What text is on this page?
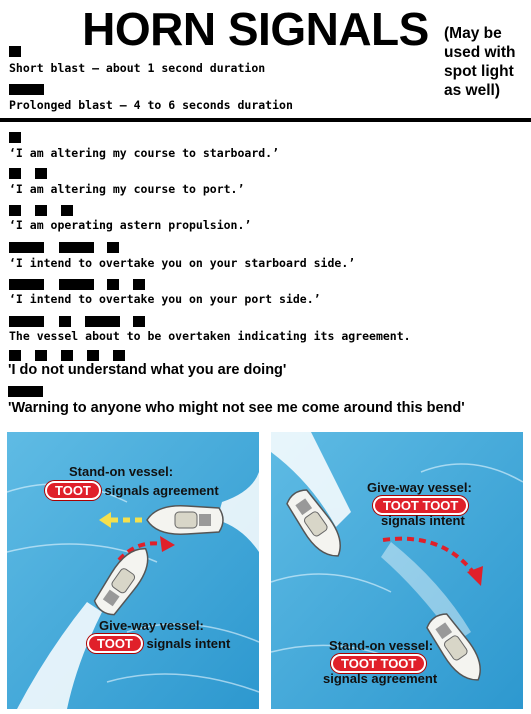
HORN SIGNALS (May be
used with
spot light
as well)
Short blast – about 1 second duration
Prolonged blast – 4 to 6 seconds duration
‘I am altering my course to starboard.’
‘I am altering my course to port.’
‘I am operating astern propulsion.’
‘I intend to overtake you on your starboard side.’
‘I intend to overtake you on your port side.’
The vessel about to be overtaken indicating its agreement.
'I do not understand what you are doing'
'Warning to anyone who might not see me come around this bend'
Stand-on vessel:
TOOT signals agreement
Give-way vessel:
TOOT signals intent
Give-way vessel:
TOOT TOOT
signals intent
Stand-on vessel:
TOOT TOOT
signals agreement
